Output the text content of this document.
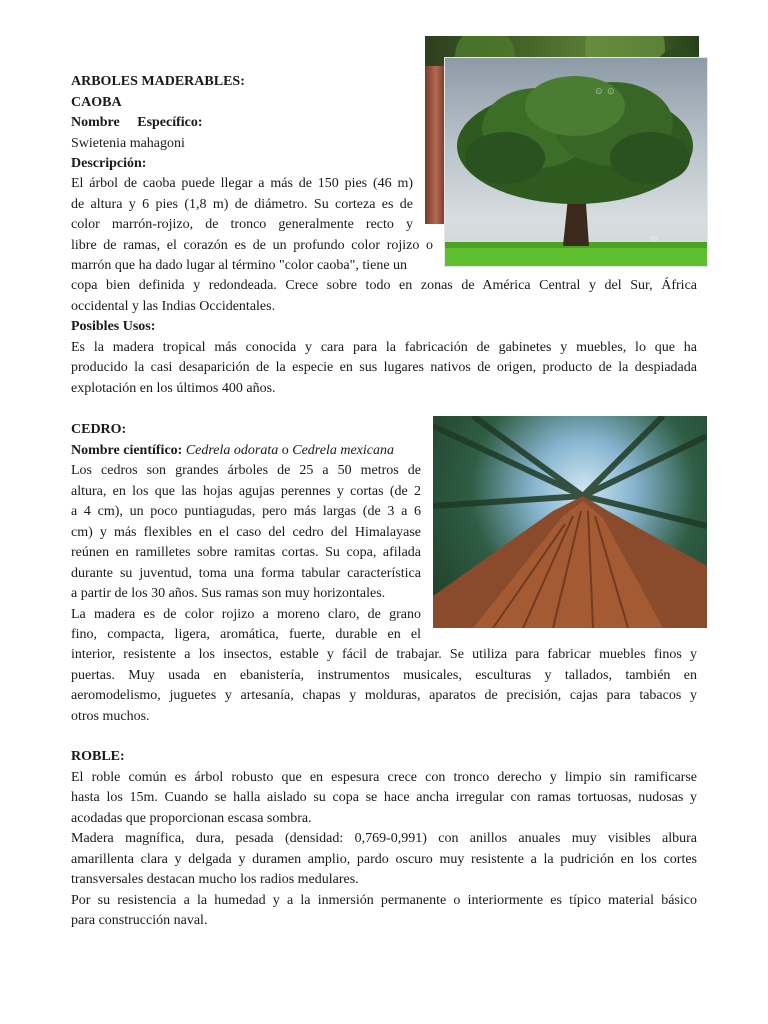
⊙ ⊙
⊙
ARBOLES MADERABLES:
CAOBA
Nombre Específico:
Swietenia mahagoni
Descripción:
El árbol de caoba puede llegar a más de 150 pies (46 m)
de altura y 6 pies (1,8 m) de diámetro. Su corteza es de
color marrón-rojizo, de tronco generalmente recto y
libre de ramas, el corazón es de un profundo color rojizo o
marrón que ha dado lugar al término "color caoba", tiene un
copa bien definida y redondeada. Crece sobre todo en zonas de América Central y del Sur, África
occidental y las Indias Occidentales.
Posibles Usos:
Es la madera tropical más conocida y cara para la fabricación de gabinetes y muebles, lo que ha
producido la casi desaparición de la especie en sus lugares nativos de origen, producto de la despiadada
explotación en los últimos 400 años.
CEDRO:
Nombre científico: Cedrela odorata o Cedrela mexicana
Los cedros son grandes árboles de 25 a 50 metros de
altura, en los que las hojas agujas perennes y cortas (de 2
a 4 cm), un poco puntiagudas, pero más largas (de 3 a 6
cm) y más flexibles en el caso del cedro del Himalayase
reúnen en ramilletes sobre ramitas cortas. Su copa, afilada
durante su juventud, toma una forma tabular característica
a partir de los 30 años. Sus ramas son muy horizontales.
La madera es de color rojizo a moreno claro, de grano
fino, compacta, ligera, aromática, fuerte, durable en el
interior, resistente a los insectos, estable y fácil de trabajar. Se utiliza para fabricar muebles finos y
puertas. Muy usada en ebanistería, instrumentos musicales, esculturas y tallados, también en
aeromodelismo, juguetes y artesanía, chapas y molduras, aparatos de precisión, cajas para tabacos y
otros muchos.
ROBLE:
El roble común es árbol robusto que en espesura crece con tronco derecho y limpio sin ramificarse
hasta los 15m. Cuando se halla aislado su copa se hace ancha irregular con ramas tortuosas, nudosas y
acodadas que proporcionan escasa sombra.
Madera magnífica, dura, pesada (densidad: 0,769-0,991) con anillos anuales muy visibles albura
amarillenta clara y delgada y duramen amplio, pardo oscuro muy resistente a la pudrición en los cortes
transversales destacan mucho los radios medulares.
Por su resistencia a la humedad y a la inmersión permanente o interiormente es típico material básico
para construcción naval.
